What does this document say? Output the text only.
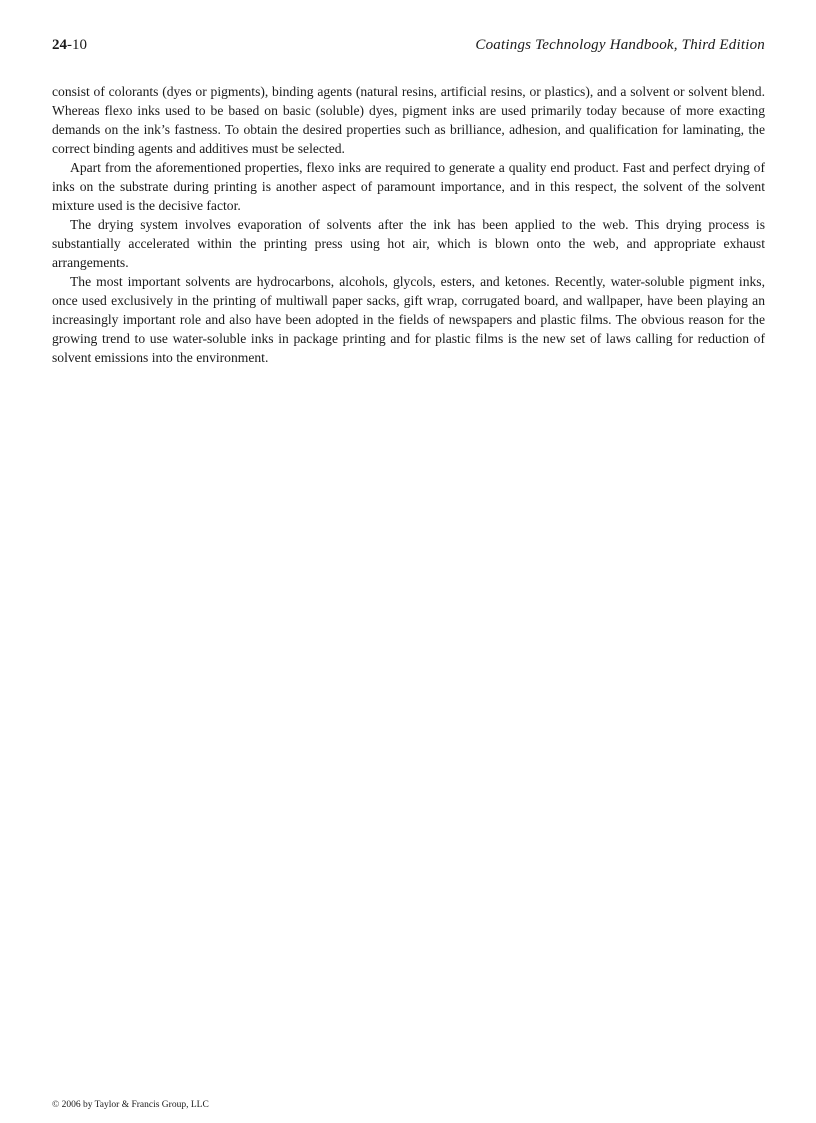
24-10	Coatings Technology Handbook, Third Edition

consist of colorants (dyes or pigments), binding agents (natural resins, artificial resins, or plastics), and a solvent or solvent blend. Whereas flexo inks used to be based on basic (soluble) dyes, pigment inks are used primarily today because of more exacting demands on the ink’s fastness. To obtain the desired properties such as brilliance, adhesion, and qualification for laminating, the correct binding agents and additives must be selected.

Apart from the aforementioned properties, flexo inks are required to generate a quality end product. Fast and perfect drying of inks on the substrate during printing is another aspect of paramount importance, and in this respect, the solvent of the solvent mixture used is the decisive factor.

The drying system involves evaporation of solvents after the ink has been applied to the web. This drying process is substantially accelerated within the printing press using hot air, which is blown onto the web, and appropriate exhaust arrangements.

The most important solvents are hydrocarbons, alcohols, glycols, esters, and ketones. Recently, water-soluble pigment inks, once used exclusively in the printing of multiwall paper sacks, gift wrap, corrugated board, and wallpaper, have been playing an increasingly important role and also have been adopted in the fields of newspapers and plastic films. The obvious reason for the growing trend to use water-soluble inks in package printing and for plastic films is the new set of laws calling for reduction of solvent emissions into the environment.

© 2006 by Taylor & Francis Group, LLC
